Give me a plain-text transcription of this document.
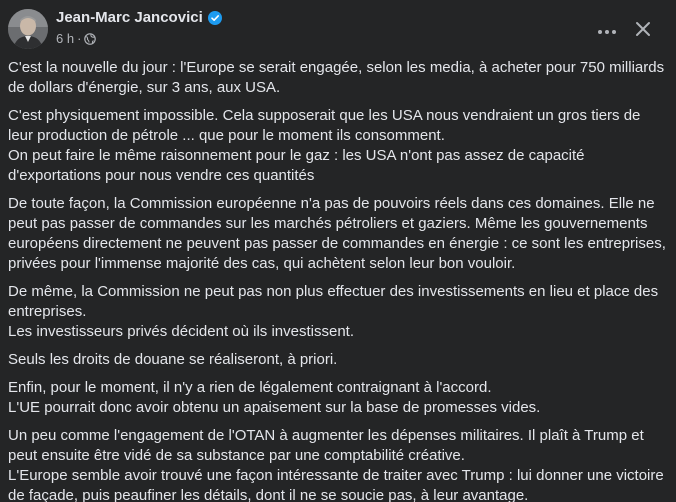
Jean-Marc Jancovici
6 h ·

C'est la nouvelle du jour : l'Europe se serait engagée, selon les media, à acheter pour 750 milliards de dollars d'énergie, sur 3 ans, aux USA.

C'est physiquement impossible. Cela supposerait que les USA nous vendraient un gros tiers de leur production de pétrole ... que pour le moment ils consomment.
On peut faire le même raisonnement pour le gaz : les USA n'ont pas assez de capacité d'exportations pour nous vendre ces quantités

De toute façon, la Commission européenne n'a pas de pouvoirs réels dans ces domaines. Elle ne peut pas passer de commandes sur les marchés pétroliers et gaziers. Même les gouvernements européens directement ne peuvent pas passer de commandes en énergie : ce sont les entreprises, privées pour l'immense majorité des cas, qui achètent selon leur bon vouloir.

De même, la Commission ne peut pas non plus effectuer des investissements en lieu et place des entreprises.
Les investisseurs privés décident où ils investissent.

Seuls les droits de douane se réaliseront, à priori.

Enfin, pour le moment, il n'y a rien de légalement contraignant à l'accord.
L'UE pourrait donc avoir obtenu un apaisement sur la base de promesses vides.

Un peu comme l'engagement de l'OTAN à augmenter les dépenses militaires. Il plaît à Trump et peut ensuite être vidé de sa substance par une comptabilité créative.
L'Europe semble avoir trouvé une façon intéressante de traiter avec Trump : lui donner une victoire de façade, puis peaufiner les détails, dont il ne se soucie pas, à leur avantage.
